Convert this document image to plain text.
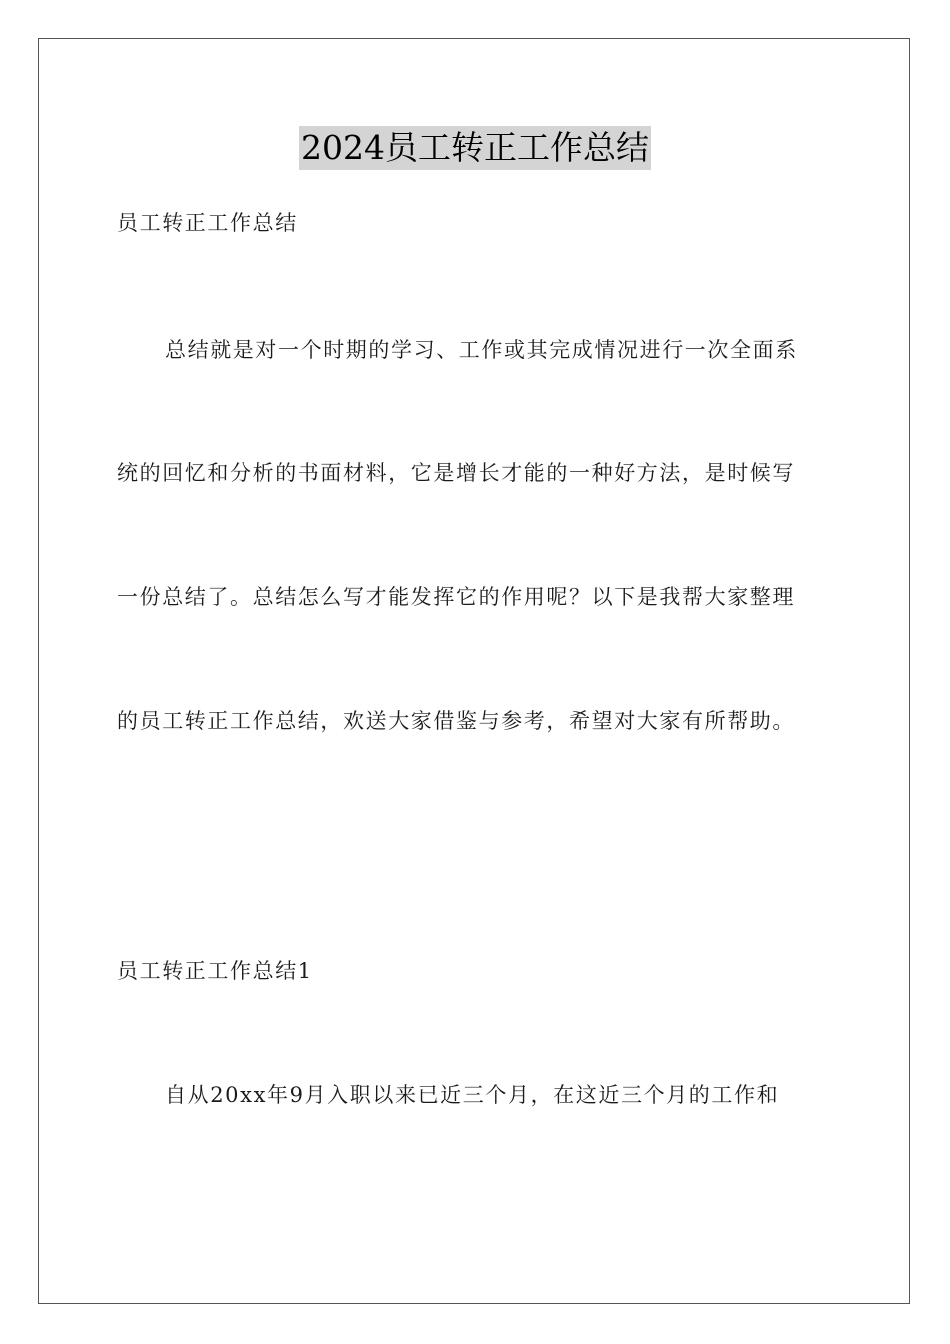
2024员工转正工作总结
员工转正工作总结
总结就是对一个时期的学习、工作或其完成情况进行一次全面系
统的回忆和分析的书面材料，它是增长才能的一种好方法，是时候写
一份总结了。总结怎么写才能发挥它的作用呢？以下是我帮大家整理
的员工转正工作总结，欢送大家借鉴与参考，希望对大家有所帮助。
员工转正工作总结1
自从20xx年9月入职以来已近三个月，在这近三个月的工作和
